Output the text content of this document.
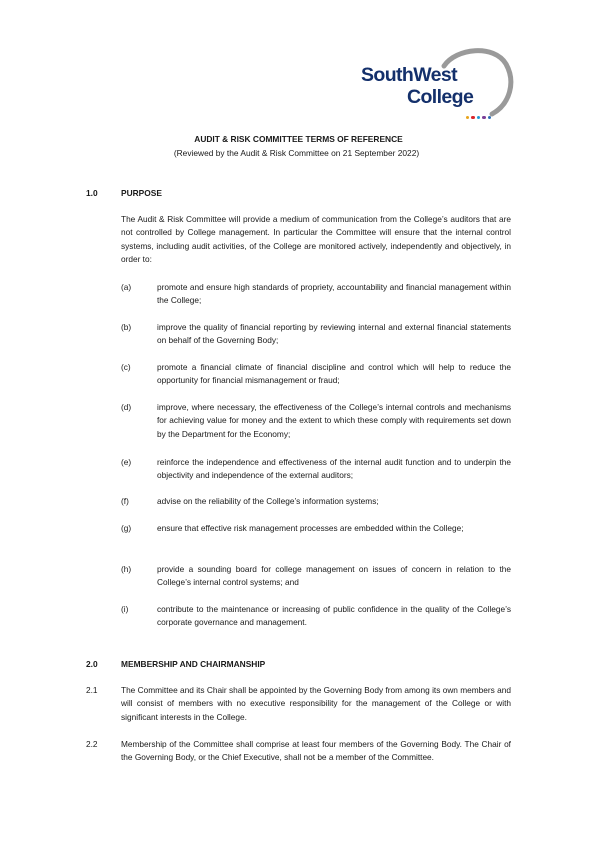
SouthWest
College
AUDIT & RISK COMMITTEE TERMS OF REFERENCE
(Reviewed by the Audit & Risk Committee on 21 September 2022)
1.0	PURPOSE
The Audit & Risk Committee will provide a medium of communication from the College’s auditors that are not controlled by College management. In particular the Committee will ensure that the internal control systems, including audit activities, of the College are monitored actively, independently and objectively, in order to:
(a)	promote and ensure high standards of propriety, accountability and financial management within the College;
(b)	improve the quality of financial reporting by reviewing internal and external financial statements on behalf of the Governing Body;
(c)	promote a financial climate of financial discipline and control which will help to reduce the opportunity for financial mismanagement or fraud;
(d)	improve, where necessary, the effectiveness of the College’s internal controls and mechanisms for achieving value for money and the extent to which these comply with requirements set down by the Department for the Economy;
(e)	reinforce the independence and effectiveness of the internal audit function and to underpin the objectivity and independence of the external auditors;
(f)	advise on the reliability of the College’s information systems;
(g)	ensure that effective risk management processes are embedded within the College;
(h)	provide a sounding board for college management on issues of concern in relation to the College’s internal control systems; and
(i)	contribute to the maintenance or increasing of public confidence in the quality of the College’s corporate governance and management.
2.0	MEMBERSHIP AND CHAIRMANSHIP
2.1	The Committee and its Chair shall be appointed by the Governing Body from among its own members and will consist of members with no executive responsibility for the management of the College or with significant interests in the College.
2.2	Membership of the Committee shall comprise at least four members of the Governing Body. The Chair of the Governing Body, or the Chief Executive, shall not be a member of the Committee.
